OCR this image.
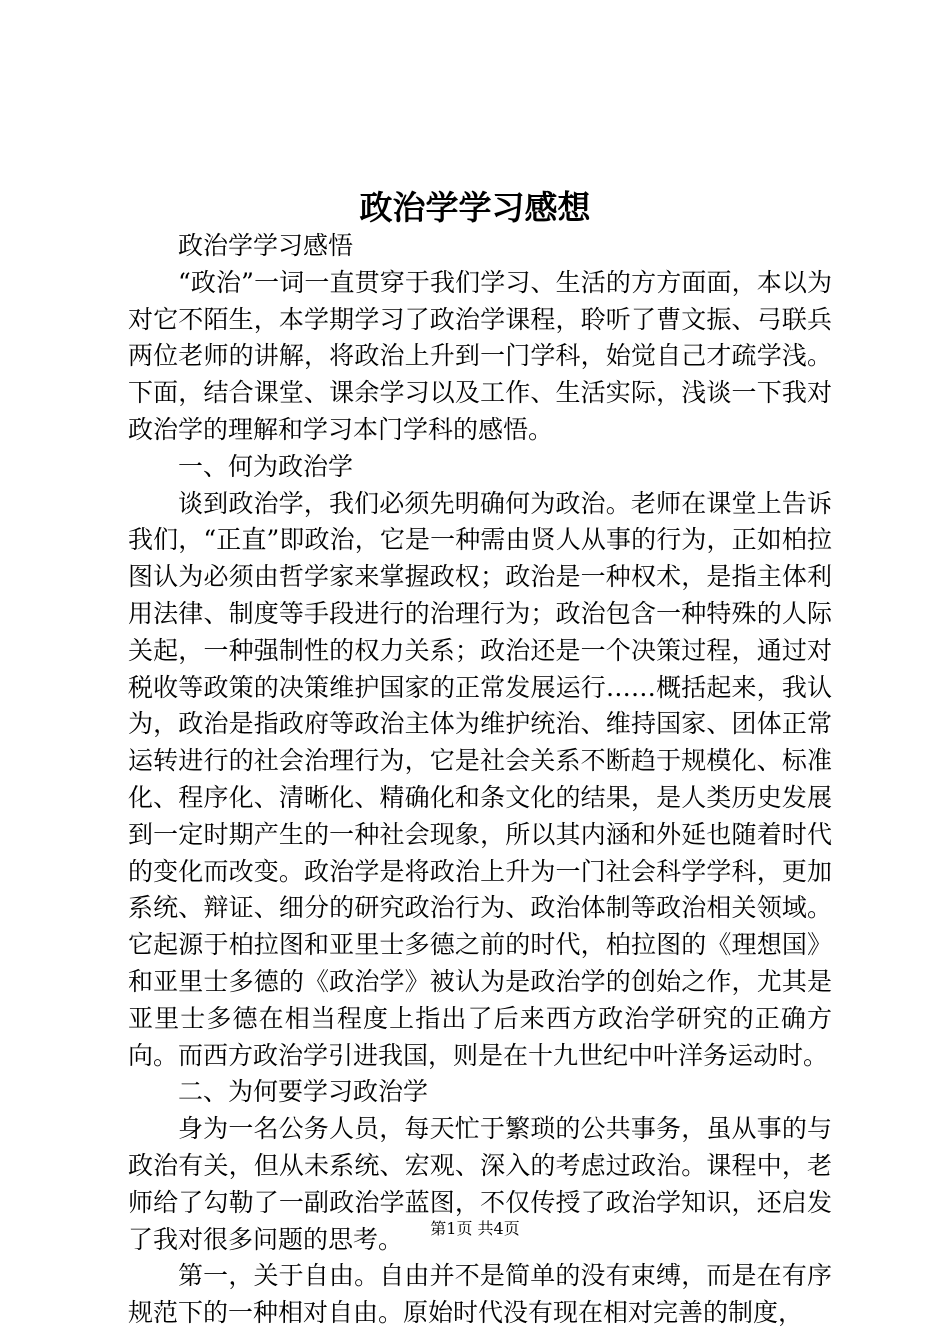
政治学学习感想

政治学学习感悟

“政治”一词一直贯穿于我们学习、生活的方方面面，本以为对它不陌生，本学期学习了政治学课程，聆听了曹文振、弓联兵两位老师的讲解，将政治上升到一门学科，始觉自己才疏学浅。下面，结合课堂、课余学习以及工作、生活实际，浅谈一下我对政治学的理解和学习本门学科的感悟。

一、何为政治学

谈到政治学，我们必须先明确何为政治。老师在课堂上告诉我们，“正直”即政治，它是一种需由贤人从事的行为，正如柏拉图认为必须由哲学家来掌握政权；政治是一种权术，是指主体利用法律、制度等手段进行的治理行为；政治包含一种特殊的人际关起，一种强制性的权力关系；政治还是一个决策过程，通过对税收等政策的决策维护国家的正常发展运行……概括起来，我认为，政治是指政府等政治主体为维护统治、维持国家、团体正常运转进行的社会治理行为，它是社会关系不断趋于规模化、标准化、程序化、清晰化、精确化和条文化的结果，是人类历史发展到一定时期产生的一种社会现象，所以其内涵和外延也随着时代的变化而改变。政治学是将政治上升为一门社会科学学科，更加系统、辩证、细分的研究政治行为、政治体制等政治相关领域。它起源于柏拉图和亚里士多德之前的时代，柏拉图的《理想国》和亚里士多德的《政治学》被认为是政治学的创始之作，尤其是亚里士多德在相当程度上指出了后来西方政治学研究的正确方向。而西方政治学引进我国，则是在十九世纪中叶洋务运动时。

二、为何要学习政治学

身为一名公务人员，每天忙于繁琐的公共事务，虽从事的与政治有关，但从未系统、宏观、深入的考虑过政治。课程中，老师给了勾勒了一副政治学蓝图，不仅传授了政治学知识，还启发了我对很多问题的思考。

第一，关于自由。自由并不是简单的没有束缚，而是在有序规范下的一种相对自由。原始时代没有现在相对完善的制度，

第1页 共4页
